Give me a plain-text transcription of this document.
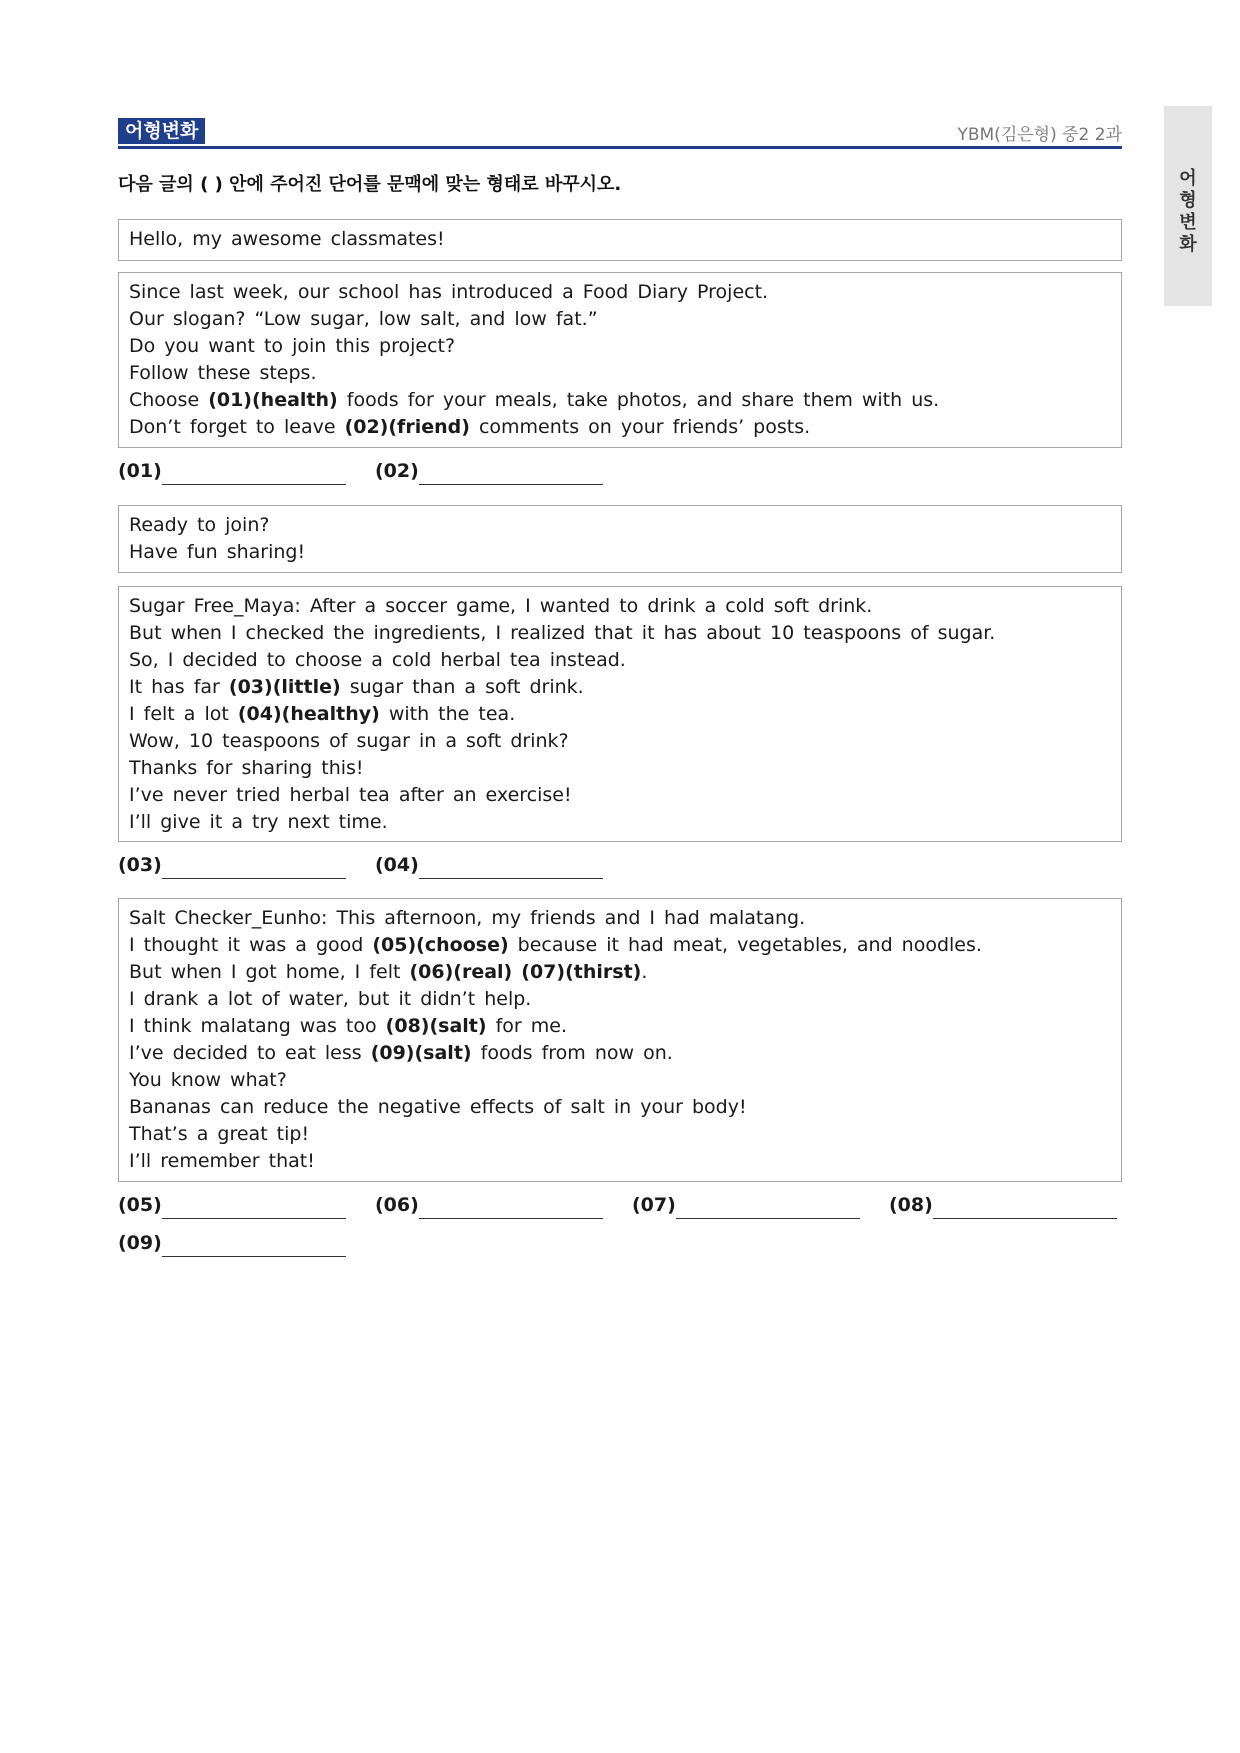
어
형
변
화
어형변화	YBM(김은형) 중2 2과
다음 글의 ( ) 안에 주어진 단어를 문맥에 맞는 형태로 바꾸시오.
Hello, my awesome classmates!
Since last week, our school has introduced a Food Diary Project.
Our slogan? “Low sugar, low salt, and low fat.”
Do you want to join this project?
Follow these steps.
Choose (01)(health) foods for your meals, take photos, and share them with us.
Don’t forget to leave (02)(friend) comments on your friends’ posts.
(01)	(02)
Ready to join?
Have fun sharing!
Sugar Free_Maya: After a soccer game, I wanted to drink a cold soft drink.
But when I checked the ingredients, I realized that it has about 10 teaspoons of sugar.
So, I decided to choose a cold herbal tea instead.
It has far (03)(little) sugar than a soft drink.
I felt a lot (04)(healthy) with the tea.
Wow, 10 teaspoons of sugar in a soft drink?
Thanks for sharing this!
I’ve never tried herbal tea after an exercise!
I’ll give it a try next time.
(03)	(04)
Salt Checker_Eunho: This afternoon, my friends and I had malatang.
I thought it was a good (05)(choose) because it had meat, vegetables, and noodles.
But when I got home, I felt (06)(real) (07)(thirst).
I drank a lot of water, but it didn’t help.
I think malatang was too (08)(salt) for me.
I’ve decided to eat less (09)(salt) foods from now on.
You know what?
Bananas can reduce the negative effects of salt in your body!
That’s a great tip!
I’ll remember that!
(05)	(06)	(07)	(08)
(09)
